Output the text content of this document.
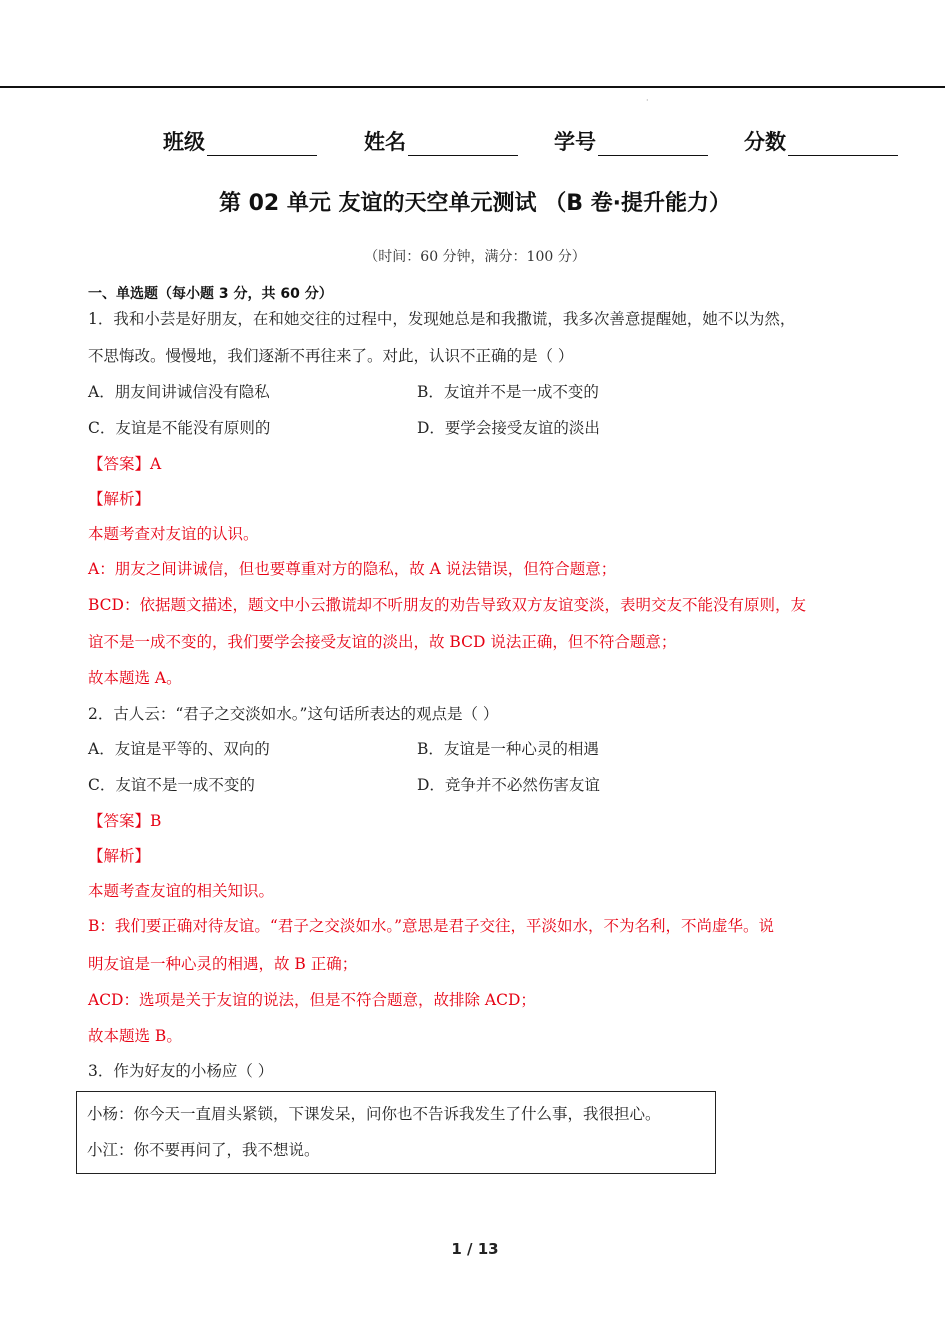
·
班级	姓名	学号	分数
第 02 单元 友谊的天空单元测试 （B 卷·提升能力）
（时间：60 分钟，满分：100 分）
一、单选题（每小题 3 分，共 60 分）
1．我和小芸是好朋友，在和她交往的过程中，发现她总是和我撒谎，我多次善意提醒她，她不以为然，
不思悔改。慢慢地，我们逐渐不再往来了。对此，认识不正确的是（ ）
A．朋友间讲诚信没有隐私	B．友谊并不是一成不变的
C．友谊是不能没有原则的	D．要学会接受友谊的淡出
【答案】A
【解析】
本题考查对友谊的认识。
A：朋友之间讲诚信，但也要尊重对方的隐私，故 A 说法错误，但符合题意；
BCD：依据题文描述，题文中小云撒谎却不听朋友的劝告导致双方友谊变淡，表明交友不能没有原则，友
谊不是一成不变的，我们要学会接受友谊的淡出，故 BCD 说法正确，但不符合题意；
故本题选 A。
2．古人云：“君子之交淡如水。”这句话所表达的观点是（ ）
A．友谊是平等的、双向的	B．友谊是一种心灵的相遇
C．友谊不是一成不变的	D．竞争并不必然伤害友谊
【答案】B
【解析】
本题考查友谊的相关知识。
B：我们要正确对待友谊。“君子之交淡如水。”意思是君子交往，平淡如水，不为名利，不尚虚华。说
明友谊是一种心灵的相遇，故 B 正确；
ACD：选项是关于友谊的说法，但是不符合题意，故排除 ACD；
故本题选 B。
3．作为好友的小杨应（ ）
小杨：你今天一直眉头紧锁，下课发呆，问你也不告诉我发生了什么事，我很担心。
小江：你不要再问了，我不想说。
1 / 13
